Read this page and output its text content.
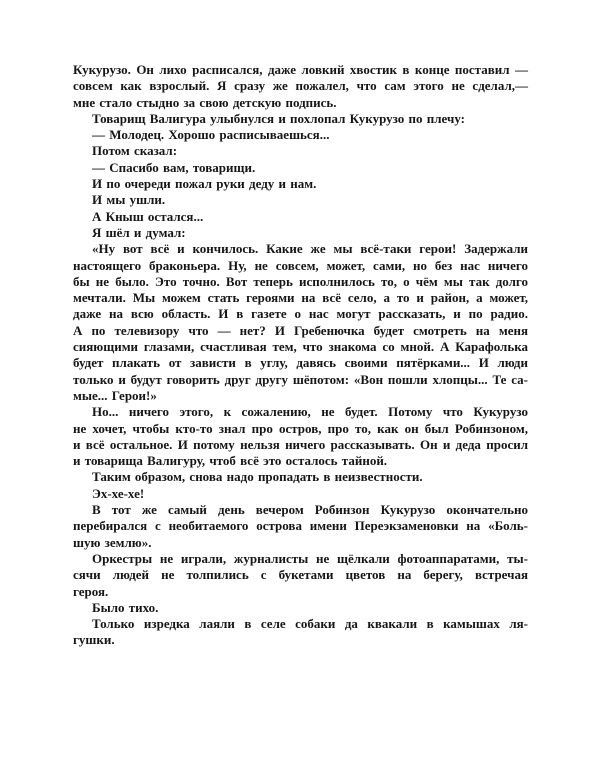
Кукурузо. Он лихо расписался, даже ловкий хвостик в конце поставил —
совсем как взрослый. Я сразу же пожалел, что сам этого не сделал,—
мне стало стыдно за свою детскую подпись.
Товарищ Валигура улыбнулся и похлопал Кукурузо по плечу:
— Молодец. Хорошо расписываешься...
Потом сказал:
— Спасибо вам, товарищи.
И по очереди пожал руки деду и нам.
И мы ушли.
А Кныш остался...
Я шёл и думал:
«Ну вот всё и кончилось. Какие же мы всё-таки герои! Задержали
настоящего браконьера. Ну, не совсем, может, сами, но без нас ничего
бы не было. Это точно. Вот теперь исполнилось то, о чём мы так долго
мечтали. Мы можем стать героями на всё село, а то и район, а может,
даже на всю область. И в газете о нас могут рассказать, и по радио.
А по телевизору что — нет? И Гребенючка будет смотреть на меня
сияющими глазами, счастливая тем, что знакома со мной. А Карафолька
будет плакать от зависти в углу, давясь своими пятёрками... И люди
только и будут говорить друг другу шёпотом: «Вон пошли хлопцы... Те са-
мые... Герои!»
Но... ничего этого, к сожалению, не будет. Потому что Кукурузо
не хочет, чтобы кто-то знал про остров, про то, как он был Робинзоном,
и всё остальное. И потому нельзя ничего рассказывать. Он и деда просил
и товарища Валигуру, чтоб всё это осталось тайной.
Таким образом, снова надо пропадать в неизвестности.
Эх-хе-хе!
В тот же самый день вечером Робинзон Кукурузо окончательно
перебирался с необитаемого острова имени Переэкзаменовки на «Боль-
шую землю».
Оркестры не играли, журналисты не щёлкали фотоаппаратами, ты-
сячи людей не толпились с букетами цветов на берегу, встречая
героя.
Было тихо.
Только изредка лаяли в селе собаки да квакали в камышах ля-
гушки.
